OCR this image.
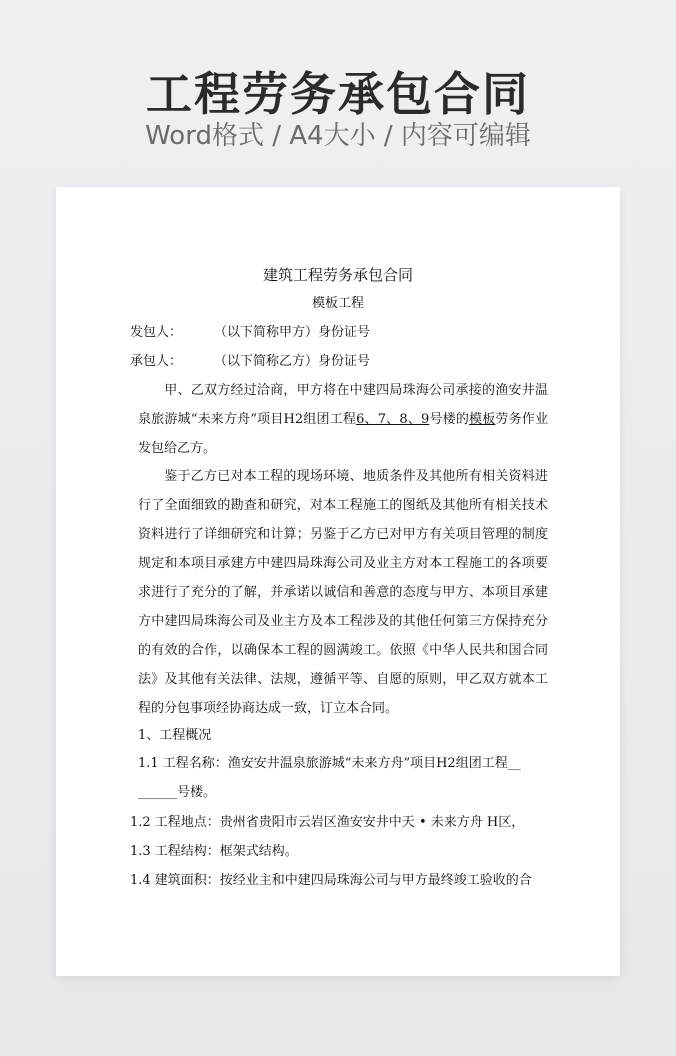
工程劳务承包合同
Word格式 / A4大小 / 内容可编辑
建筑工程劳务承包合同
模板工程
发包人： （以下简称甲方）身份证号
承包人： （以下简称乙方）身份证号
甲、乙双方经过洽商，甲方将在中建四局珠海公司承接的渔安井温泉旅游城“未来方舟”项目H2组团工程6、7、8、9号楼的模板劳务作业发包给乙方。
鉴于乙方已对本工程的现场环境、地质条件及其他所有相关资料进行了全面细致的勘查和研究，对本工程施工的图纸及其他所有相关技术资料进行了详细研究和计算；另鉴于乙方已对甲方有关项目管理的制度规定和本项目承建方中建四局珠海公司及业主方对本工程施工的各项要求进行了充分的了解，并承诺以诚信和善意的态度与甲方、本项目承建方中建四局珠海公司及业主方及本工程涉及的其他任何第三方保持充分的有效的合作，以确保本工程的圆满竣工。依照《中华人民共和国合同法》及其他有关法律、法规，遵循平等、自愿的原则，甲乙双方就本工程的分包事项经协商达成一致，订立本合同。
1、工程概况
1.1 工程名称：渔安安井温泉旅游城“未来方舟”项目H2组团工程__
______号楼。
1.2 工程地点：贵州省贵阳市云岩区渔安安井中天 • 未来方舟 H区，
1.3 工程结构：框架式结构。
1.4 建筑面积：按经业主和中建四局珠海公司与甲方最终竣工验收的合
